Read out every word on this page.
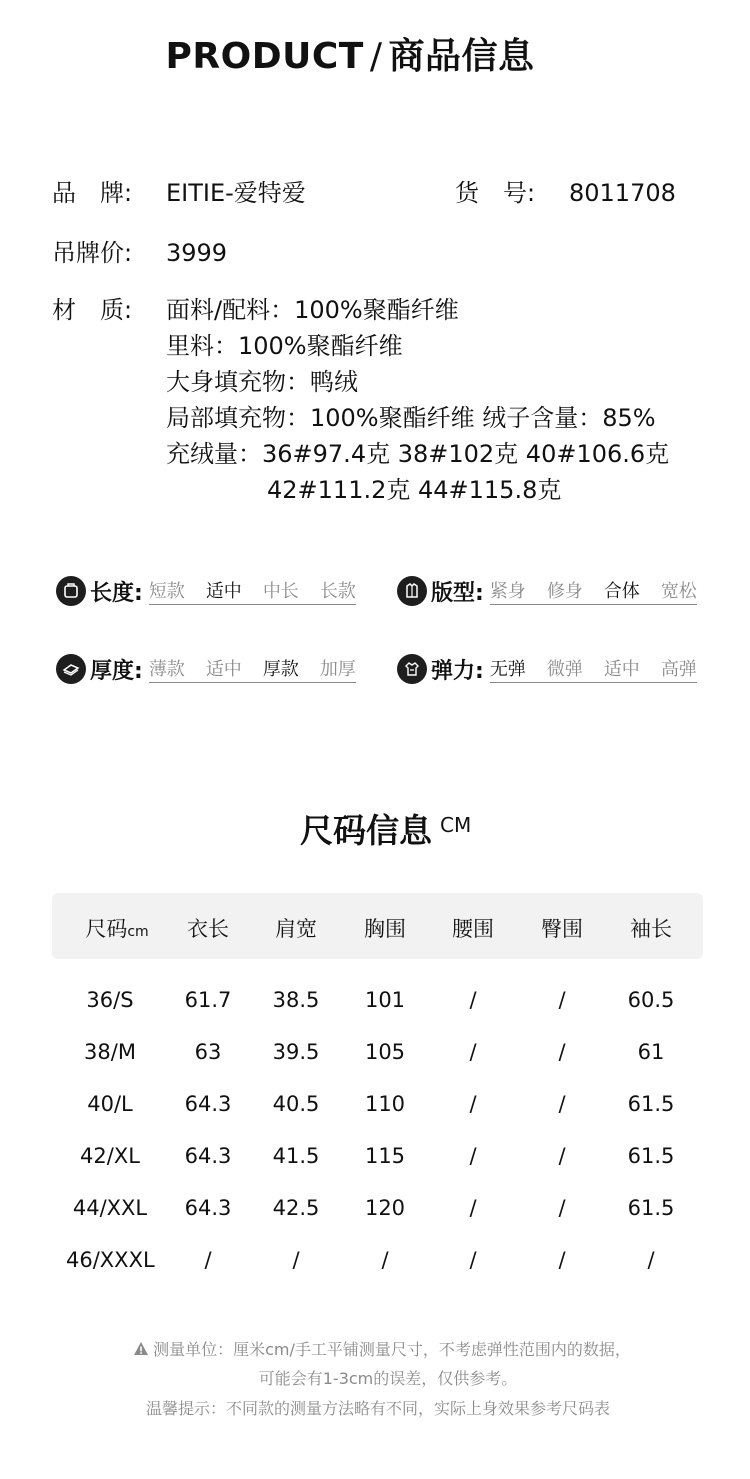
PRODUCT / 商品信息
品　牌:	EITIE-爱特爱	货　号:	8011708
吊牌价:	3999
材　质:	面料/配料：100%聚酯纤维
里料：100%聚酯纤维
大身填充物：鸭绒
局部填充物：100%聚酯纤维 绒子含量：85%
充绒量：36#97.4克 38#102克 40#106.6克
42#111.2克 44#115.8克
长度: 短款 适中 中长 长款	版型: 紧身 修身 合体 宽松
厚度: 薄款 适中 厚款 加厚	弹力: 无弹 微弹 适中 高弹
尺码信息 $^{CM}$
尺码cm	衣长	肩宽	胸围	腰围	臀围	袖长
36/S	61.7	38.5	101	/	/	60.5
38/M	63	39.5	105	/	/	61
40/L	64.3	40.5	110	/	/	61.5
42/XL	64.3	41.5	115	/	/	61.5
44/XXL	64.3	42.5	120	/	/	61.5
46/XXXL	/	/	/	/	/	/
测量单位：厘米cm/手工平铺测量尺寸，不考虑弹性范围内的数据，
可能会有1-3cm的误差，仅供参考。
温馨提示：不同款的测量方法略有不同，实际上身效果参考尺码表
